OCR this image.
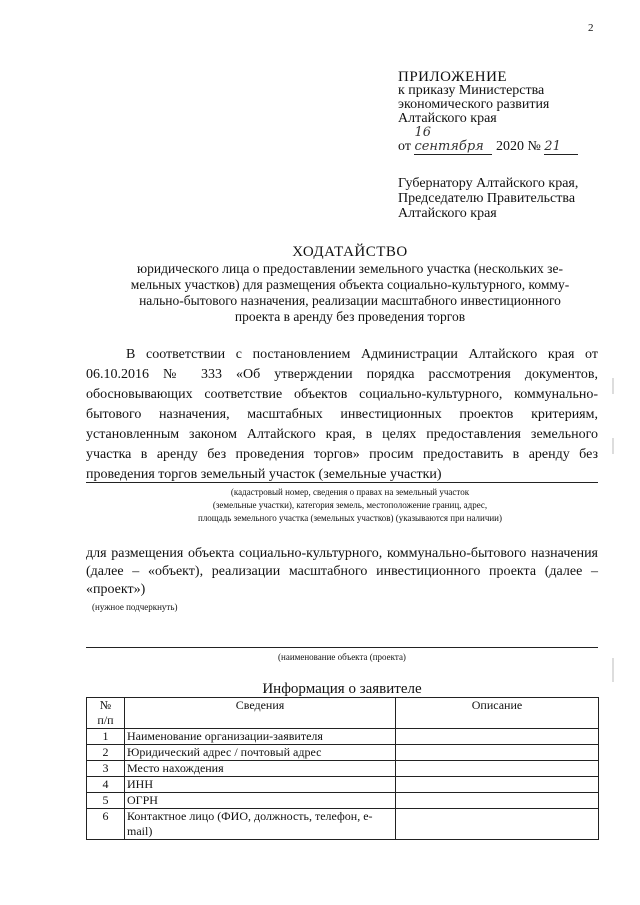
2
ПРИЛОЖЕНИЕ
к приказу Министерства
экономического развития
Алтайского края
от 16 сентября 2020 № 21
Губернатору Алтайского края,
Председателю Правительства
Алтайского края
ХОДАТАЙСТВО
юридического лица о предоставлении земельного участка (нескольких зе-
мельных участков) для размещения объекта социально-культурного, комму-
нально-бытового назначения, реализации масштабного инвестиционного
проекта в аренду без проведения торгов

В соответствии с постановлением Администрации Алтайского края от 06.10.2016 № 333 «Об утверждении порядка рассмотрения документов, обосновывающих соответствие объектов социально-культурного, коммунально-бытового назначения, масштабных инвестиционных проектов критериям, установленным законом Алтайского края, в целях предоставления земельного участка в аренду без проведения торгов» просим предоставить в аренду без проведения торгов земельный участок (земельные участки)

(кадастровый номер, сведения о правах на земельный участок
(земельные участки), категория земель, местоположение границ, адрес,
площадь земельного участка (земельных участков) (указываются при наличии)

для размещения объекта социально-культурного, коммунально-бытового назначения (далее – «объект), реализации масштабного инвестиционного проекта (далее – «проект»)

(нужное подчеркнуть)
(наименование объекта (проекта)
Информация о заявителе
№
п/п	Сведения	Описание
1	Наименование организации-заявителя	
2	Юридический адрес / почтовый адрес	
3	Место нахождения	
4	ИНН	
5	ОГРН	
6	Контактное лицо (ФИО, должность, телефон, e-mail)	
